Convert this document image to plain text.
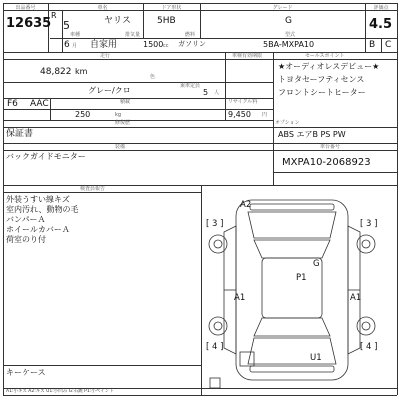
出品番号
12635
R
5
6 月
車名
ヤリス
ドア形状
5HB
グレード
G
評価点
4.5
B C
車種
自家用
排気量
1500 cc
燃料
ガソリン
型式
5BA-MXPA10
走行	車検有効期限
48,822 km
色
グレー/クロ	乗車定員
5 人
F6 AAC	積載	リサイクル料
250	kg	9,450 円
修復歴
保証書
オプション
ABS エアB PS PW
セールスポイント
★オーディオレスデビュー★
トヨタセーフティセンス
フロントシートヒーター
装備
バックガイドモニター
車台番号
MXPA10-2068923
検査員報告
外装うすい線キズ
室内汚れ、動物の毛
バンパーＡ
ホイールカバーＡ
荷室のり付
キーケース
A2
G
P1
A1	A1
U1
[ 3 ]	[ 3 ]
[ 4 ]	[ 4 ]
A1:小キズ A2:キズ U1:小凹み G:石跳 P1:小ペイント
